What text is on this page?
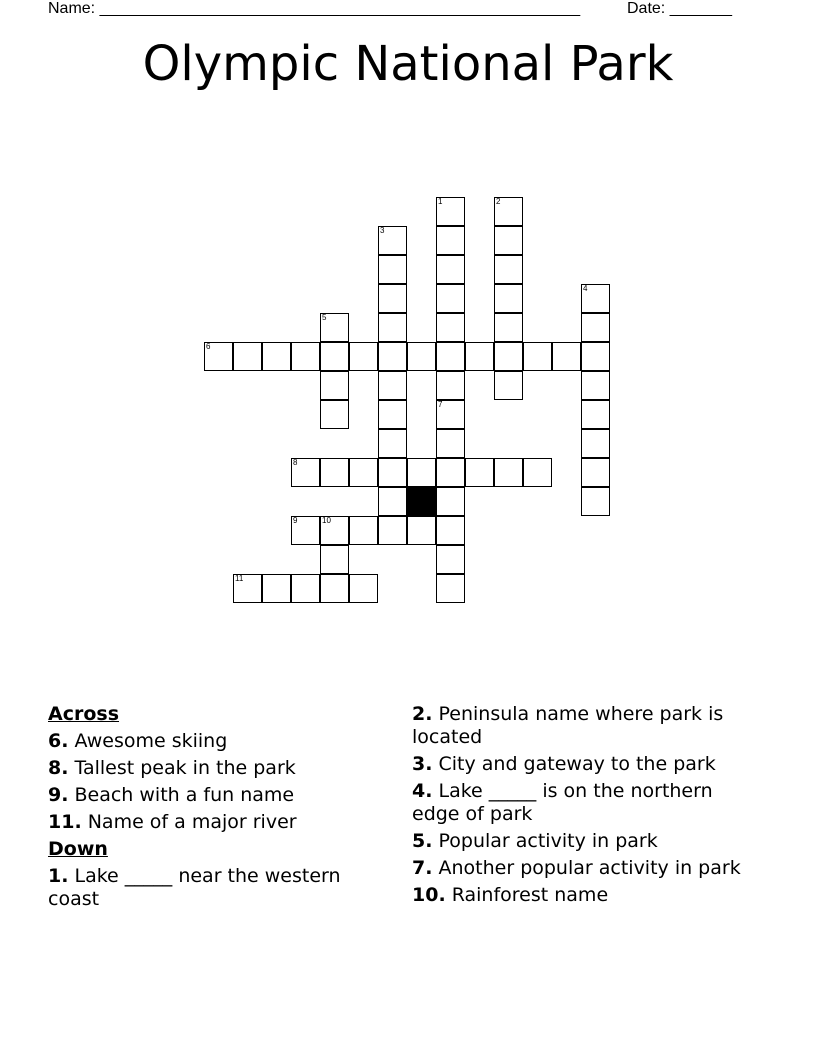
Name: ______________________________________________________	Date: _______
Olympic National Park
1	2
3
4
5
6
7
8
9	10
11
Across
6. Awesome skiing
8. Tallest peak in the park
9. Beach with a fun name
11. Name of a major river
Down
1. Lake _____ near the western coast
2. Peninsula name where park is located
3. City and gateway to the park
4. Lake _____ is on the northern edge of park
5. Popular activity in park
7. Another popular activity in park
10. Rainforest name
